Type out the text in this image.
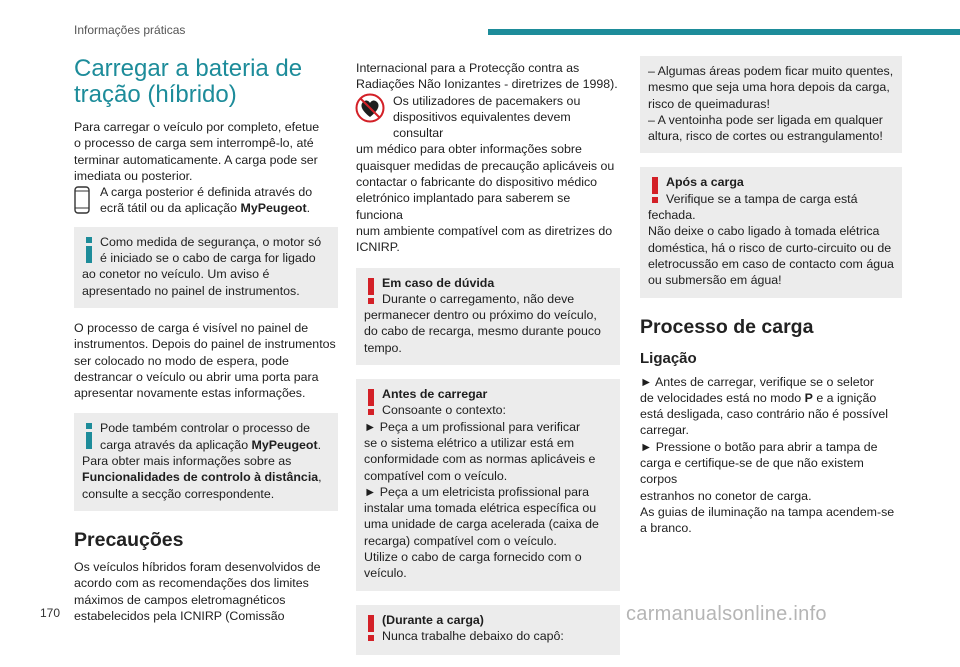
Informações práticas
170	carmanualsonline.info
Carregar a bateria de
tração (híbrido)

Para carregar o veículo por completo, efetue
o processo de carga sem interrompê-lo, até
terminar automaticamente. A carga pode ser
imediata ou posterior.

A carga posterior é definida através do
ecrã tátil ou da aplicação MyPeugeot.
Como medida de segurança, o motor só
é iniciado se o cabo de carga for ligado
ao conetor no veículo. Um aviso é
apresentado no painel de instrumentos.

O processo de carga é visível no painel de
instrumentos. Depois do painel de instrumentos
ser colocado no modo de espera, pode
destrancar o veículo ou abrir uma porta para
apresentar novamente estas informações.

Pode também controlar o processo de
carga através da aplicação MyPeugeot.
Para obter mais informações sobre as
Funcionalidades de controlo à distância,
consulte a secção correspondente.
Precauções

Os veículos híbridos foram desenvolvidos de
acordo com as recomendações dos limites
máximos de campos eletromagnéticos
estabelecidos pela ICNIRP (Comissão

Internacional para a Protecção contra as
Radiações Não Ionizantes - diretrizes de 1998).

Os utilizadores de pacemakers ou
dispositivos equivalentes devem consultar
um médico para obter informações sobre
quaisquer medidas de precaução aplicáveis ou
contactar o fabricante do dispositivo médico
eletrónico implantado para saberem se funciona
num ambiente compatível com as diretrizes do
ICNIRP.
Em caso de dúvida
Durante o carregamento, não deve
permanecer dentro ou próximo do veículo,
do cabo de recarga, mesmo durante pouco
tempo.
Antes de carregar
Consoante o contexto:
► Peça a um profissional para verificar
se o sistema elétrico a utilizar está em
conformidade com as normas aplicáveis e
compatível com o veículo.
► Peça a um eletricista profissional para
instalar uma tomada elétrica específica ou
uma unidade de carga acelerada (caixa de
recarga) compatível com o veículo.
Utilize o cabo de carga fornecido com o
veículo.
(Durante a carga)
Nunca trabalhe debaixo do capô:
– Algumas áreas podem ficar muito quentes,
mesmo que seja uma hora depois da carga,
risco de queimaduras!
– A ventoinha pode ser ligada em qualquer
altura, risco de cortes ou estrangulamento!
Após a carga
Verifique se a tampa de carga está
fechada.
Não deixe o cabo ligado à tomada elétrica
doméstica, há o risco de curto-circuito ou de
eletrocussão em caso de contacto com água
ou submersão em água!
Processo de carga
Ligação

► Antes de carregar, verifique se o seletor
de velocidades está no modo P e a ignição
está desligada, caso contrário não é possível
carregar.
► Pressione o botão para abrir a tampa de
carga e certifique-se de que não existem corpos
estranhos no conetor de carga.
As guias de iluminação na tampa acendem-se
a branco.
